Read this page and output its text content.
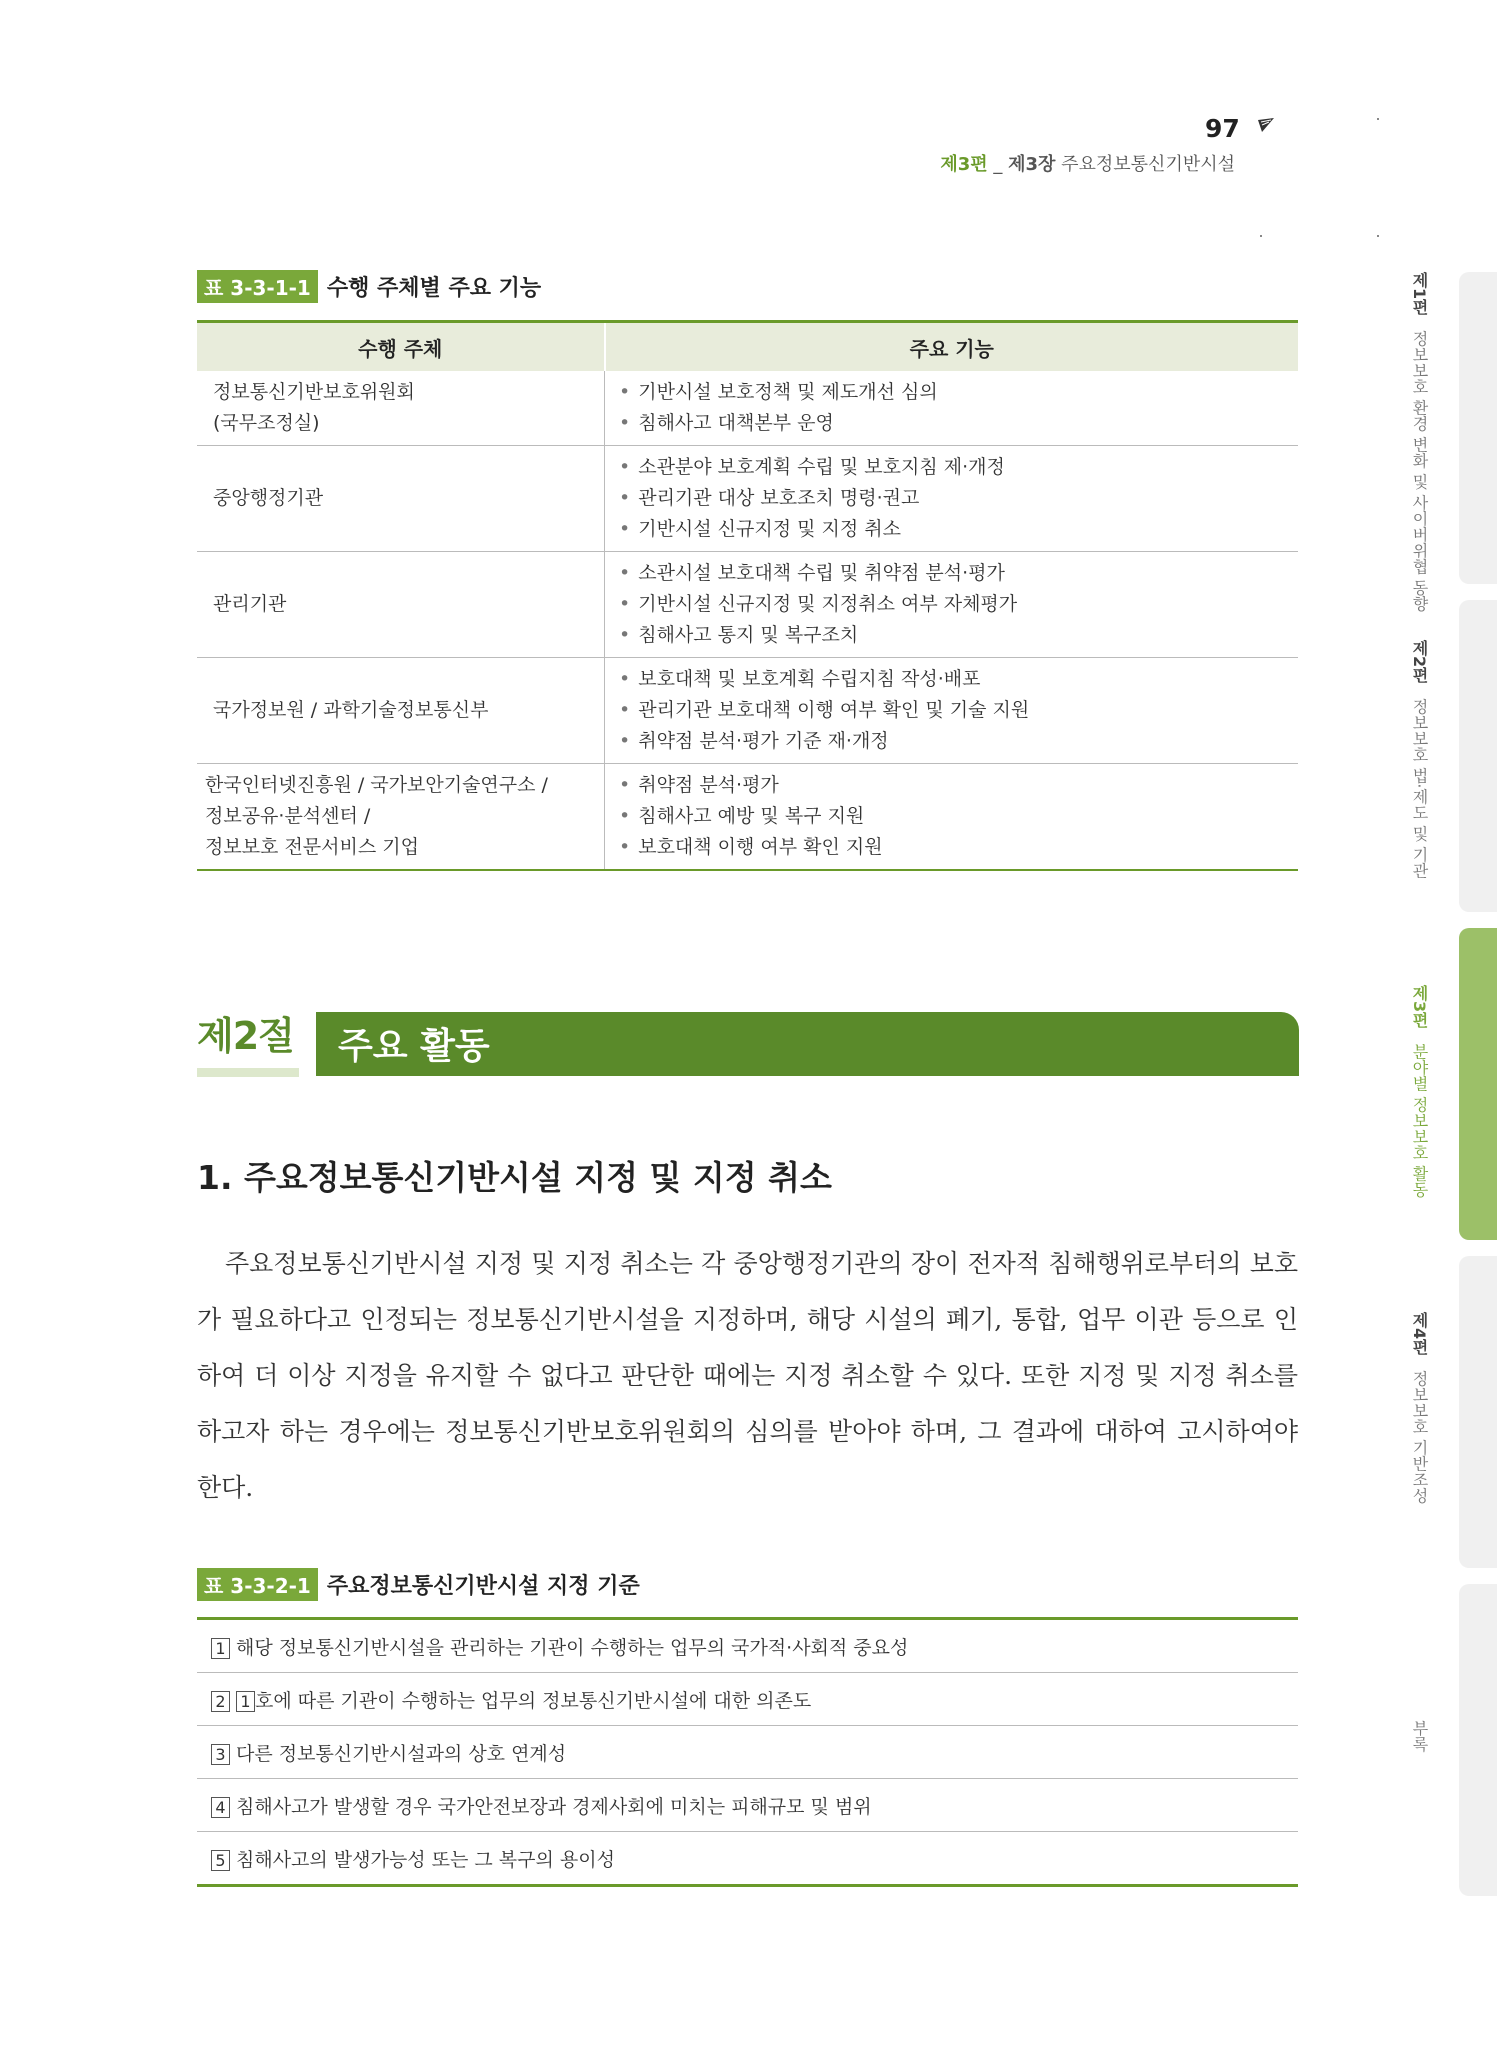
97
제3편 _ 제3장 주요정보통신기반시설
제1편 정보보호 환경 변화 및 사이버위협 동향
제2편 정보보호 법·제도 및 기관
제3편 분야별 정보보호 활동
제4편 정보보호 기반조성
부록
표 3-3-1-1 수행 주체별 주요 기능
수행 주체	주요 기능

정보통신기반보호위원회
(국무조정실)	• 기반시설 보호정책 및 제도개선 심의
• 침해사고 대책본부 운영

중앙행정기관	• 소관분야 보호계획 수립 및 보호지침 제·개정
• 관리기관 대상 보호조치 명령·권고
• 기반시설 신규지정 및 지정 취소

관리기관	• 소관시설 보호대책 수립 및 취약점 분석·평가
• 기반시설 신규지정 및 지정취소 여부 자체평가
• 침해사고 통지 및 복구조치

국가정보원 / 과학기술정보통신부	• 보호대책 및 보호계획 수립지침 작성·배포
• 관리기관 보호대책 이행 여부 확인 및 기술 지원
• 취약점 분석·평가 기준 재·개정

한국인터넷진흥원 / 국가보안기술연구소 /
정보공유·분석센터 /
정보보호 전문서비스 기업	• 취약점 분석·평가
• 침해사고 예방 및 복구 지원
• 보호대책 이행 여부 확인 지원
제2절 주요 활동
1. 주요정보통신기반시설 지정 및 지정 취소
주요정보통신기반시설 지정 및 지정 취소는 각 중앙행정기관의 장이 전자적 침해행위로부터의 보호가 필요하다고 인정되는 정보통신기반시설을 지정하며, 해당 시설의 폐기, 통합, 업무 이관 등으로 인하여 더 이상 지정을 유지할 수 없다고 판단한 때에는 지정 취소할 수 있다. 또한 지정 및 지정 취소를 하고자 하는 경우에는 정보통신기반보호위원회의 심의를 받아야 하며, 그 결과에 대하여 고시하여야 한다.
표 3-3-2-1 주요정보통신기반시설 지정 기준
1 해당 정보통신기반시설을 관리하는 기관이 수행하는 업무의 국가적·사회적 중요성
2 1 호에 따른 기관이 수행하는 업무의 정보통신기반시설에 대한 의존도
3 다른 정보통신기반시설과의 상호 연계성
4 침해사고가 발생할 경우 국가안전보장과 경제사회에 미치는 피해규모 및 범위
5 침해사고의 발생가능성 또는 그 복구의 용이성
